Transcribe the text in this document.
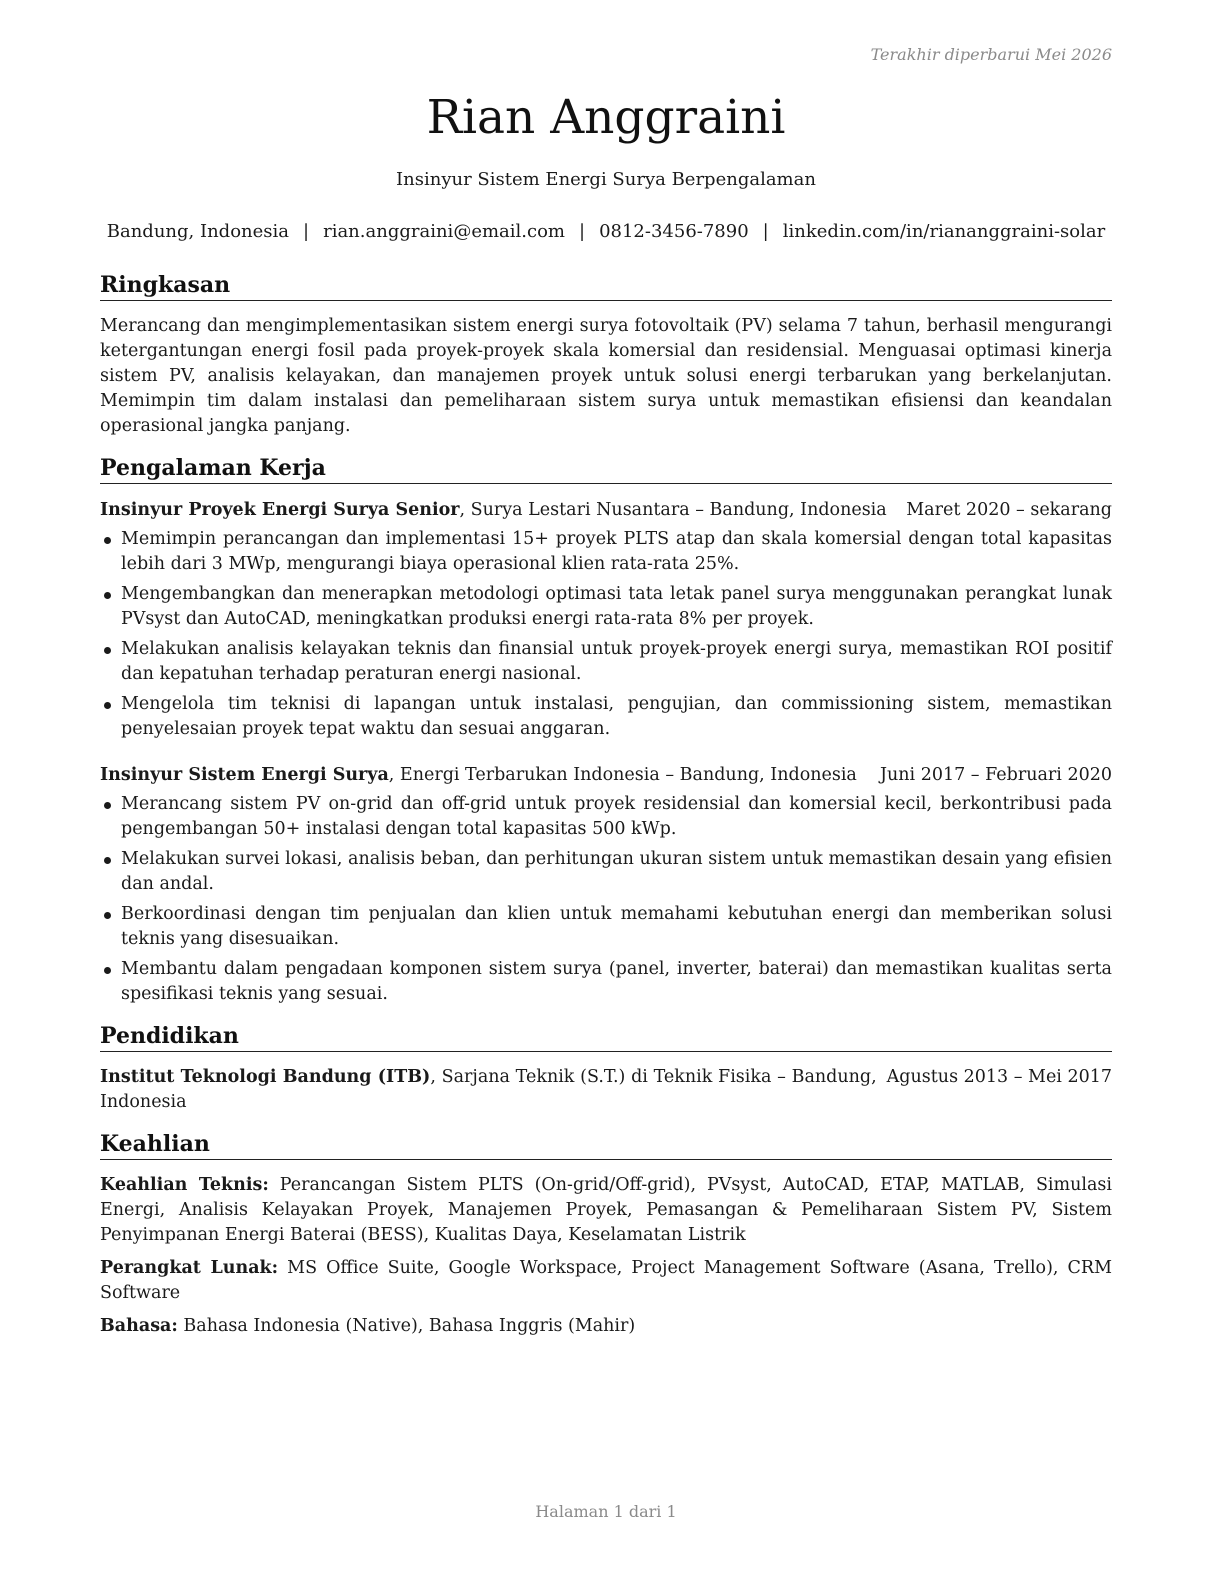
Terakhir diperbarui Mei 2026
Rian Anggraini
Insinyur Sistem Energi Surya Berpengalaman
Bandung, Indonesia | rian.anggraini@email.com | 0812-3456-7890 | linkedin.com/in/riananggraini-solar
Ringkasan

Merancang dan mengimplementasikan sistem energi surya fotovoltaik (PV) selama 7 tahun, berhasil mengurangi ketergantungan energi fosil pada proyek-proyek skala komersial dan residensial. Menguasai optimasi kinerja sistem PV, analisis kelayakan, dan manajemen proyek untuk solusi energi terbarukan yang berkelanjutan. Memimpin tim dalam instalasi dan pemeliharaan sistem surya untuk memastikan efisiensi dan keandalan operasional jangka panjang.

Pengalaman Kerja
Insinyur Proyek Energi Surya Senior, Surya Lestari Nusantara – Bandung, Indonesia Maret 2020 – sekarang
Memimpin perancangan dan implementasi 15+ proyek PLTS atap dan skala komersial dengan total kapasitas lebih dari 3 MWp, mengurangi biaya operasional klien rata-rata 25%.
Mengembangkan dan menerapkan metodologi optimasi tata letak panel surya menggunakan perangkat lunak PVsyst dan AutoCAD, meningkatkan produksi energi rata-rata 8% per proyek.
Melakukan analisis kelayakan teknis dan finansial untuk proyek-proyek energi surya, memastikan ROI positif dan kepatuhan terhadap peraturan energi nasional.
Mengelola tim teknisi di lapangan untuk instalasi, pengujian, dan commissioning sistem, memastikan penyelesaian proyek tepat waktu dan sesuai anggaran.
Insinyur Sistem Energi Surya, Energi Terbarukan Indonesia – Bandung, Indonesia Juni 2017 – Februari 2020
Merancang sistem PV on-grid dan off-grid untuk proyek residensial dan komersial kecil, berkontribusi pada pengembangan 50+ instalasi dengan total kapasitas 500 kWp.
Melakukan survei lokasi, analisis beban, dan perhitungan ukuran sistem untuk memastikan desain yang efisien dan andal.
Berkoordinasi dengan tim penjualan dan klien untuk memahami kebutuhan energi dan memberikan solusi teknis yang disesuaikan.
Membantu dalam pengadaan komponen sistem surya (panel, inverter, baterai) dan memastikan kualitas serta spesifikasi teknis yang sesuai.
Pendidikan
Institut Teknologi Bandung (ITB), Sarjana Teknik (S.T.) di Teknik Fisika – Bandung, Indonesia
Agustus 2013 – Mei 2017
Keahlian

Keahlian Teknis: Perancangan Sistem PLTS (On-grid/Off-grid), PVsyst, AutoCAD, ETAP, MATLAB, Simulasi Energi, Analisis Kelayakan Proyek, Manajemen Proyek, Pemasangan & Pemeliharaan Sistem PV, Sistem Penyimpanan Energi Baterai (BESS), Kualitas Daya, Keselamatan Listrik

Perangkat Lunak: MS Office Suite, Google Workspace, Project Management Software (Asana, Trello), CRM Software

Bahasa: Bahasa Indonesia (Native), Bahasa Inggris (Mahir)

Halaman 1 dari 1
